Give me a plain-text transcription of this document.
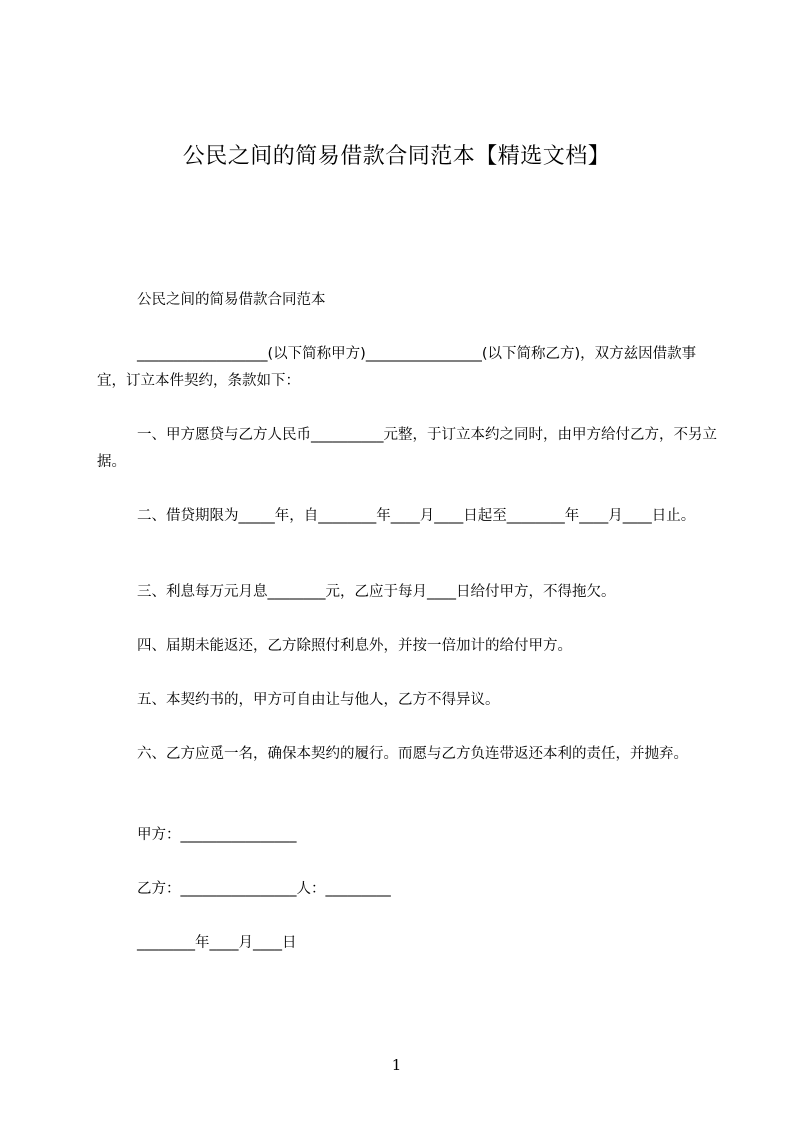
公民之间的简易借款合同范本【精选文档】
公民之间的简易借款合同范本
__________________(以下简称甲方)________________(以下简称乙方)，双方兹因借款事宜，订立本件契约，条款如下：
一、甲方愿贷与乙方人民币__________元整，于订立本约之同时，由甲方给付乙方，不另立据。
二、借贷期限为_____年，自________年____月____日起至________年____月____日止。
三、利息每万元月息________元，乙应于每月____日给付甲方，不得拖欠。
四、届期未能返还，乙方除照付利息外，并按一倍加计的给付甲方。
五、本契约书的，甲方可自由让与他人，乙方不得异议。
六、乙方应觅一名，确保本契约的履行。而愿与乙方负连带返还本利的责任，并抛弃。
甲方：________________
乙方：________________人：_________
________年____月____日
1
